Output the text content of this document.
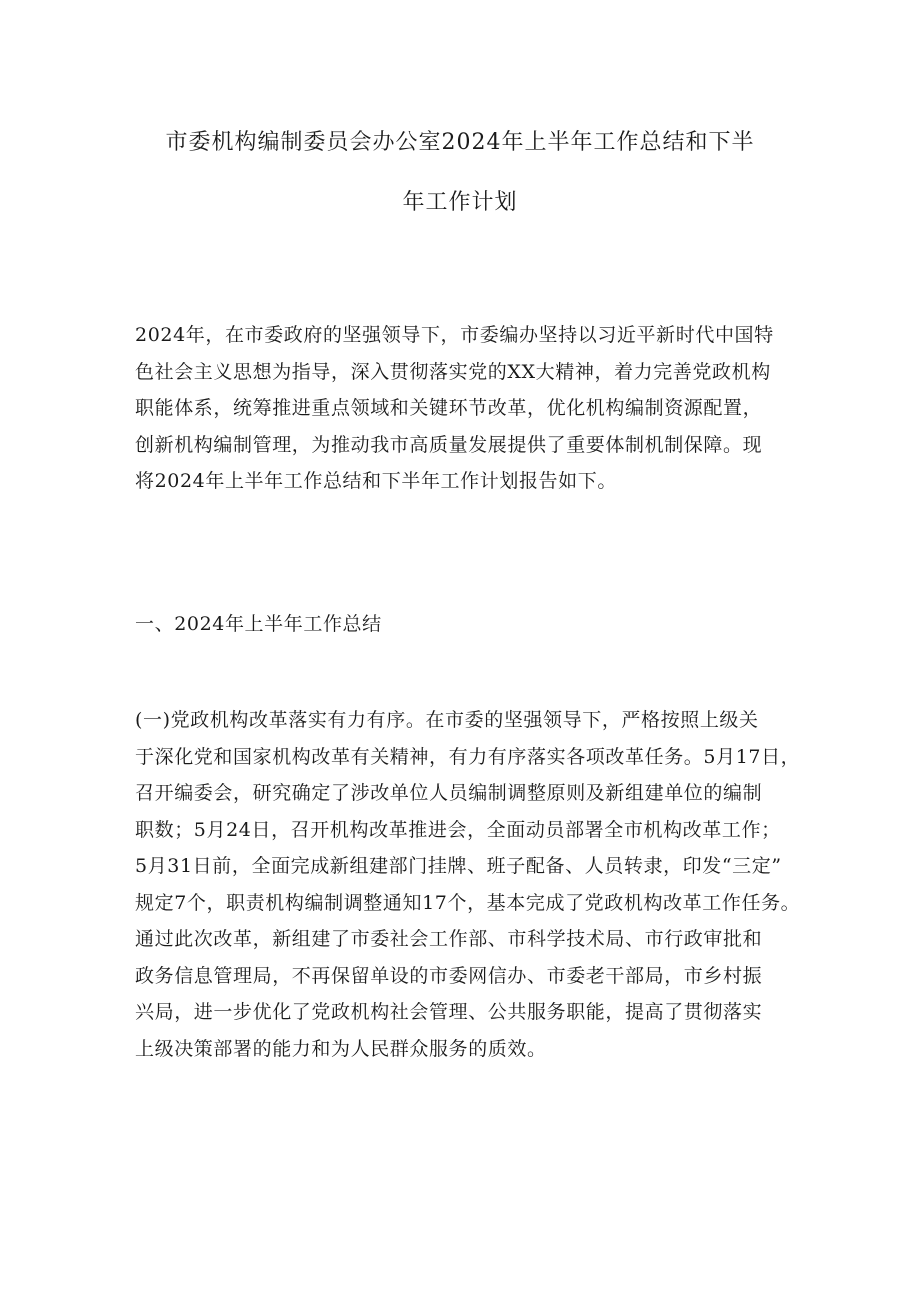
市委机构编制委员会办公室2024年上半年工作总结和下半
年工作计划
2024年，在市委政府的坚强领导下，市委编办坚持以习近平新时代中国特
色社会主义思想为指导，深入贯彻落实党的XX大精神，着力完善党政机构
职能体系，统筹推进重点领域和关键环节改革，优化机构编制资源配置，
创新机构编制管理，为推动我市高质量发展提供了重要体制机制保障。现
将2024年上半年工作总结和下半年工作计划报告如下。
一、2024年上半年工作总结
(一)党政机构改革落实有力有序。在市委的坚强领导下，严格按照上级关
于深化党和国家机构改革有关精神，有力有序落实各项改革任务。5月17日，
召开编委会，研究确定了涉改单位人员编制调整原则及新组建单位的编制
职数；5月24日，召开机构改革推进会，全面动员部署全市机构改革工作；
5月31日前，全面完成新组建部门挂牌、班子配备、人员转隶，印发“三定”
规定7个，职责机构编制调整通知17个，基本完成了党政机构改革工作任务。
通过此次改革，新组建了市委社会工作部、市科学技术局、市行政审批和
政务信息管理局，不再保留单设的市委网信办、市委老干部局，市乡村振
兴局，进一步优化了党政机构社会管理、公共服务职能，提高了贯彻落实
上级决策部署的能力和为人民群众服务的质效。
